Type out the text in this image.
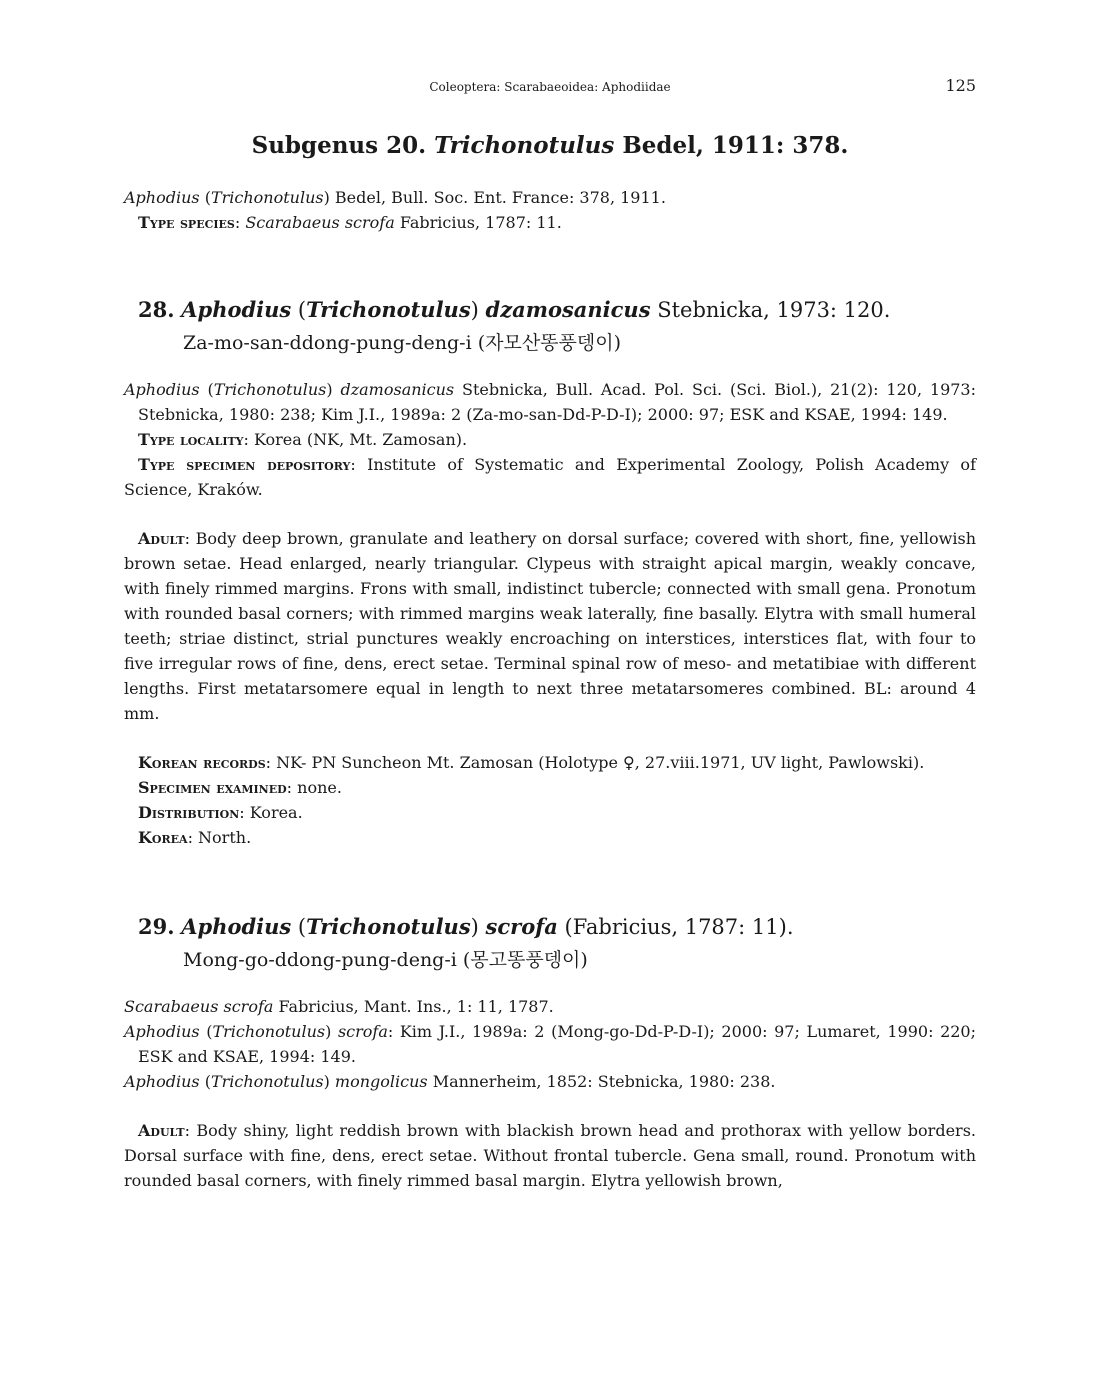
Coleoptera: Scarabaeoidea: Aphodiidae	125
Subgenus 20. Trichonotulus Bedel, 1911: 378.

Aphodius (Trichonotulus) Bedel, Bull. Soc. Ent. France: 378, 1911.

Type species: Scarabaeus scrofa Fabricius, 1787: 11.

28. Aphodius (Trichonotulus) dzamosanicus Stebnicka, 1973: 120.
Za-mo-san-ddong-pung-deng-i (자모산똥풍뎅이)

Aphodius (Trichonotulus) dzamosanicus Stebnicka, Bull. Acad. Pol. Sci. (Sci. Biol.), 21(2): 120, 1973: Stebnicka, 1980: 238; Kim J.I., 1989a: 2 (Za-mo-san-Dd-P-D-I); 2000: 97; ESK and KSAE, 1994: 149.

Type locality: Korea (NK, Mt. Zamosan).

Type specimen depository: Institute of Systematic and Experimental Zoology, Polish Academy of Science, Kraków.

Adult: Body deep brown, granulate and leathery on dorsal surface; covered with short, fine, yellowish brown setae. Head enlarged, nearly triangular. Clypeus with straight apical margin, weakly concave, with finely rimmed margins. Frons with small, indistinct tubercle; connected with small gena. Pronotum with rounded basal corners; with rimmed margins weak laterally, fine basally. Elytra with small humeral teeth; striae distinct, strial punctures weakly encroaching on interstices, interstices flat, with four to five irregular rows of fine, dens, erect setae. Terminal spinal row of meso- and metatibiae with different lengths. First metatarsomere equal in length to next three metatarsomeres combined. BL: around 4 mm.

Korean records: NK- PN Suncheon Mt. Zamosan (Holotype ♀, 27.viii.1971, UV light, Pawlowski).

Specimen examined: none.

Distribution: Korea.

Korea: North.

29. Aphodius (Trichonotulus) scrofa (Fabricius, 1787: 11).
Mong-go-ddong-pung-deng-i (몽고똥풍뎅이)

Scarabaeus scrofa Fabricius, Mant. Ins., 1: 11, 1787.

Aphodius (Trichonotulus) scrofa: Kim J.I., 1989a: 2 (Mong-go-Dd-P-D-I); 2000: 97; Lumaret, 1990: 220; ESK and KSAE, 1994: 149.

Aphodius (Trichonotulus) mongolicus Mannerheim, 1852: Stebnicka, 1980: 238.

Adult: Body shiny, light reddish brown with blackish brown head and prothorax with yellow borders. Dorsal surface with fine, dens, erect setae. Without frontal tubercle. Gena small, round. Pronotum with rounded basal corners, with finely rimmed basal margin. Elytra yellowish brown,
